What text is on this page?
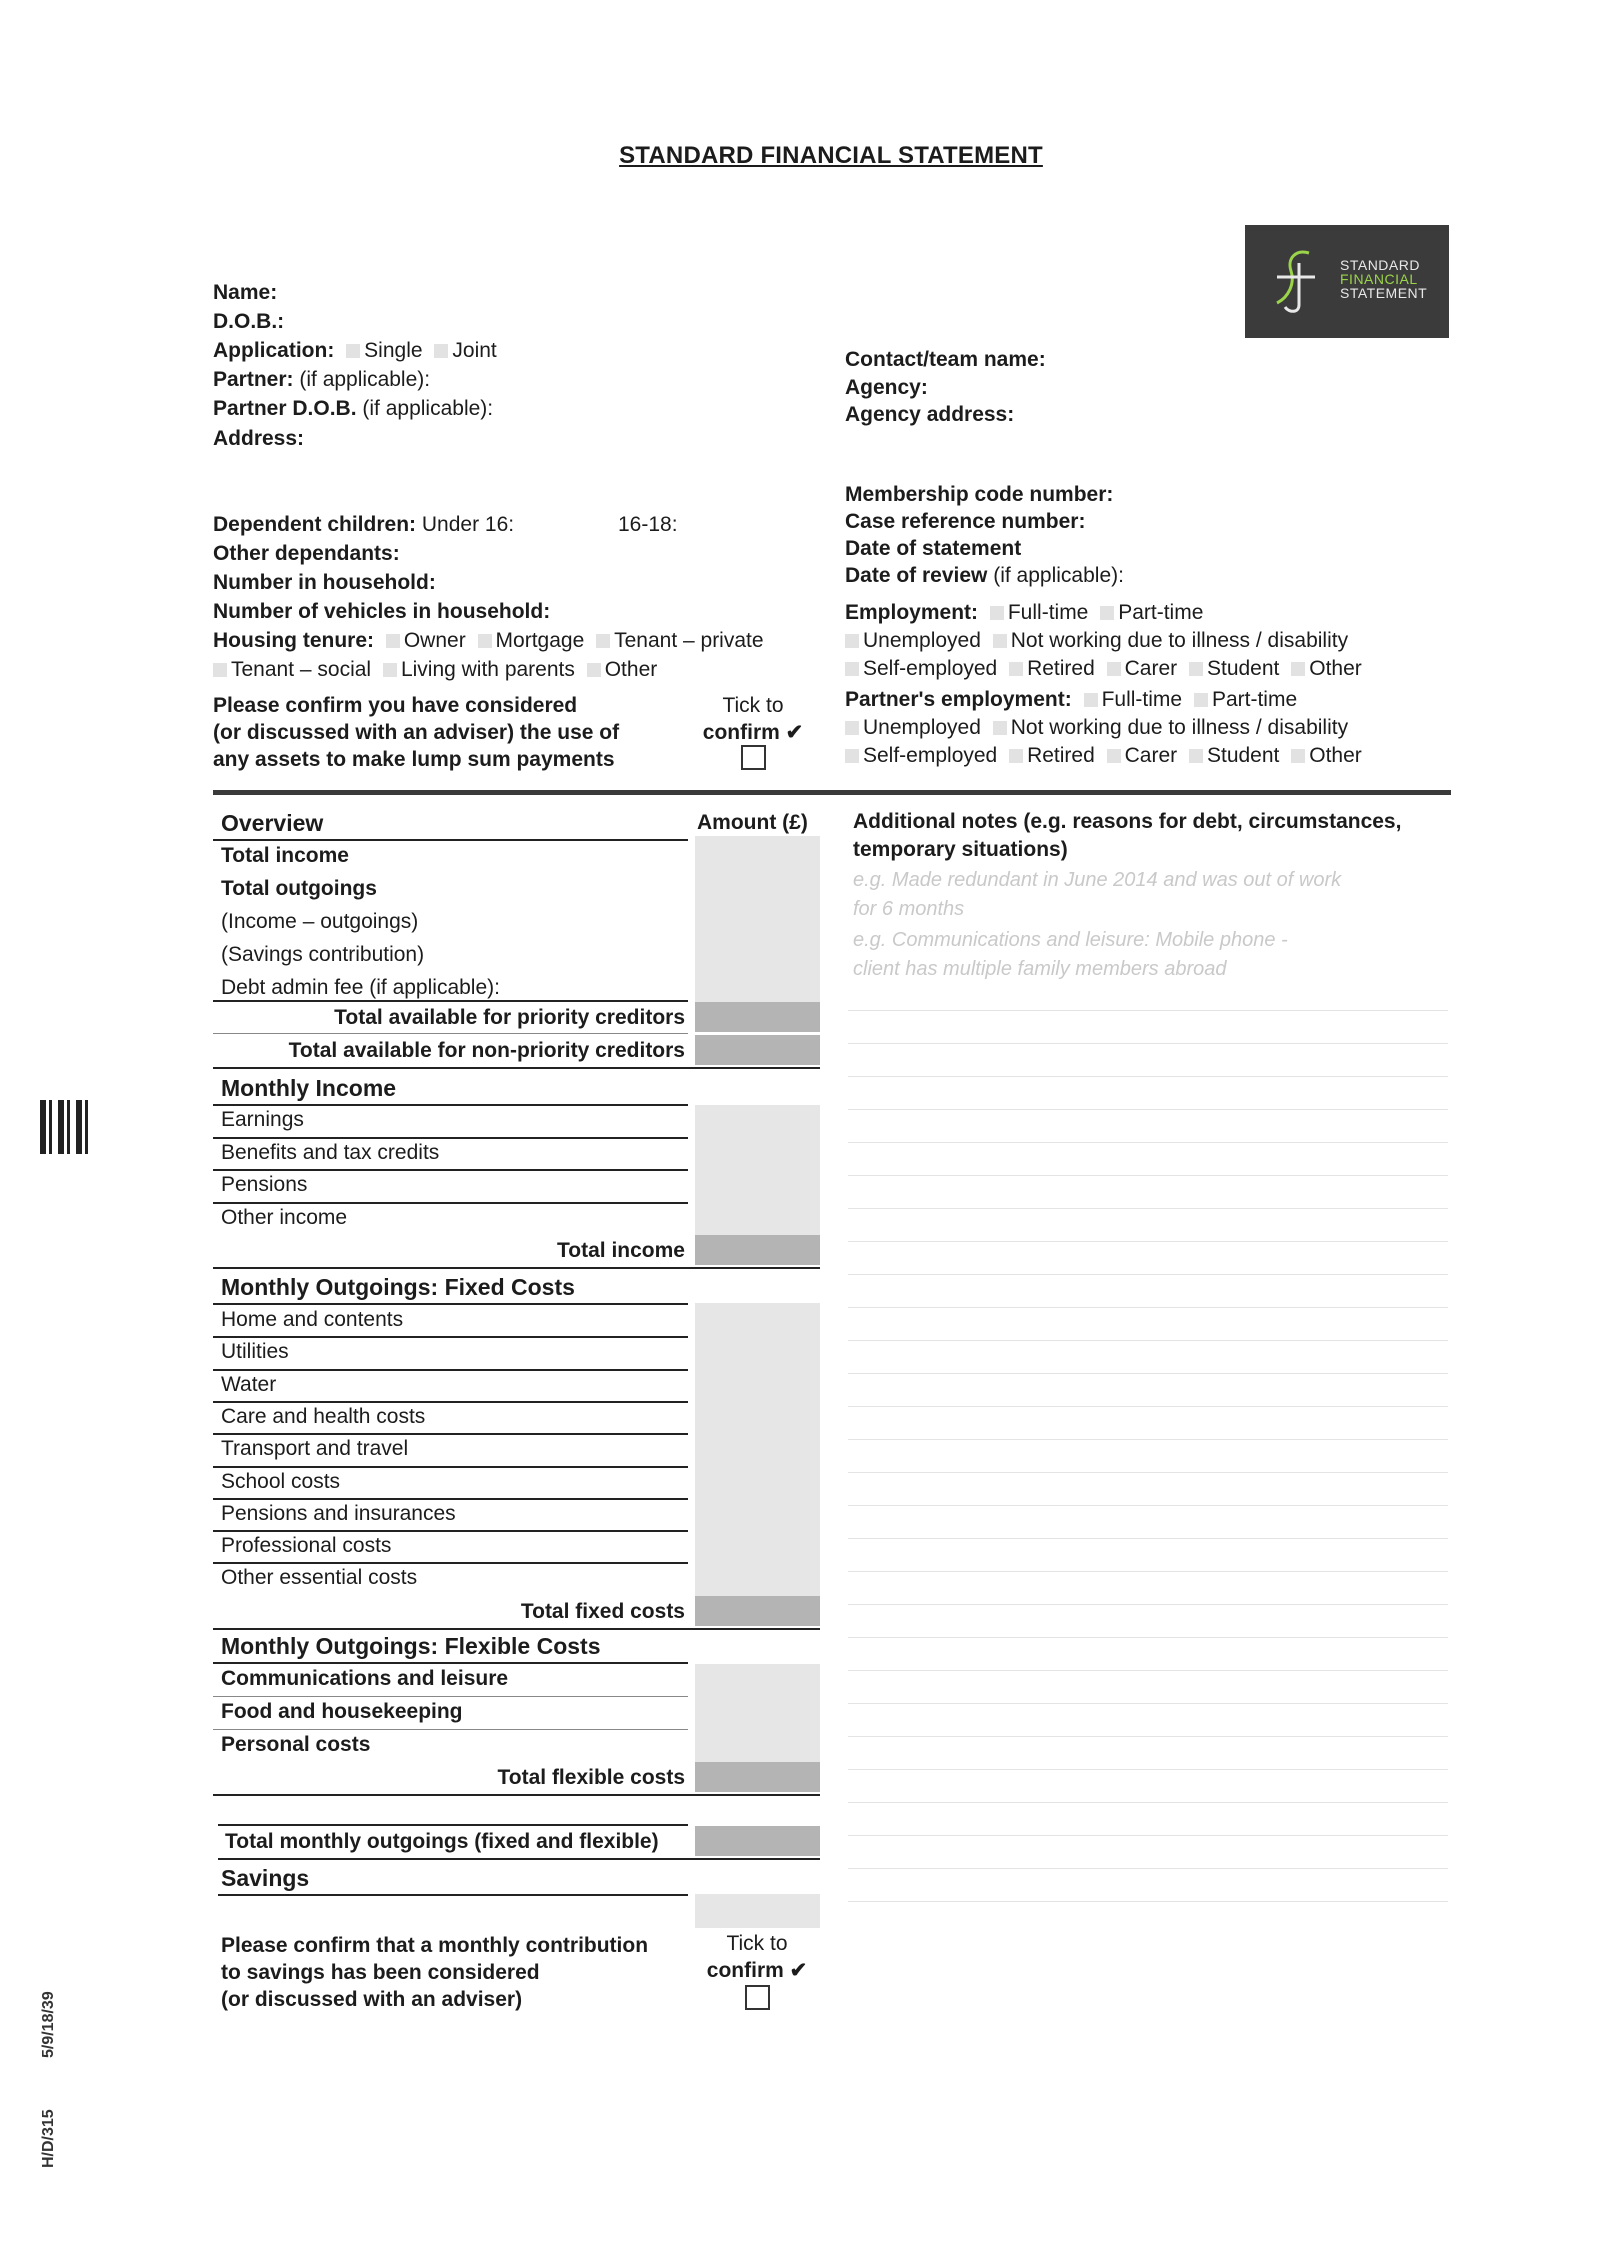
STANDARD FINANCIAL STATEMENT
STANDARD
FINANCIAL
STATEMENT
Name:
D.O.B.:
Application: Single Joint
Partner: (if applicable):
Partner D.O.B. (if applicable):
Address:
Contact/team name:
Agency:
Agency address:
Dependent children: Under 16:	16-18:
Other dependants:
Number in household:
Number of vehicles in household:
Housing tenure: Owner Mortgage Tenant – private
Tenant – social Living with parents Other
Please confirm you have considered
(or discussed with an adviser) the use of
any assets to make lump sum payments
Tick to
confirm ✔
Membership code number:
Case reference number:
Date of statement
Date of review (if applicable):
Employment: Full-time Part-time
Unemployed Not working due to illness / disability
Self-employed Retired Carer Student Other
Partner's employment: Full-time Part-time
Unemployed Not working due to illness / disability
Self-employed Retired Carer Student Other
Overview	Amount (£)
Total income
Total outgoings
(Income – outgoings)
(Savings contribution)
Debt admin fee (if applicable):
Total available for priority creditors
Total available for non-priority creditors
Monthly Income
Earnings
Benefits and tax credits
Pensions
Other income
Total income
Monthly Outgoings: Fixed Costs
Home and contents
Utilities
Water
Care and health costs
Transport and travel
School costs
Pensions and insurances
Professional costs
Other essential costs
Total fixed costs
Monthly Outgoings: Flexible Costs
Communications and leisure
Food and housekeeping
Personal costs
Total flexible costs
Total monthly outgoings (fixed and flexible)
Savings
Please confirm that a monthly contribution
to savings has been considered
(or discussed with an adviser)
Tick to
confirm ✔
Additional notes (e.g. reasons for debt, circumstances,
temporary situations)
e.g. Made redundant in June 2014 and was out of work
for 6 months
e.g. Communications and leisure: Mobile phone -
client has multiple family members abroad
5/9/18/39
H/D/315
